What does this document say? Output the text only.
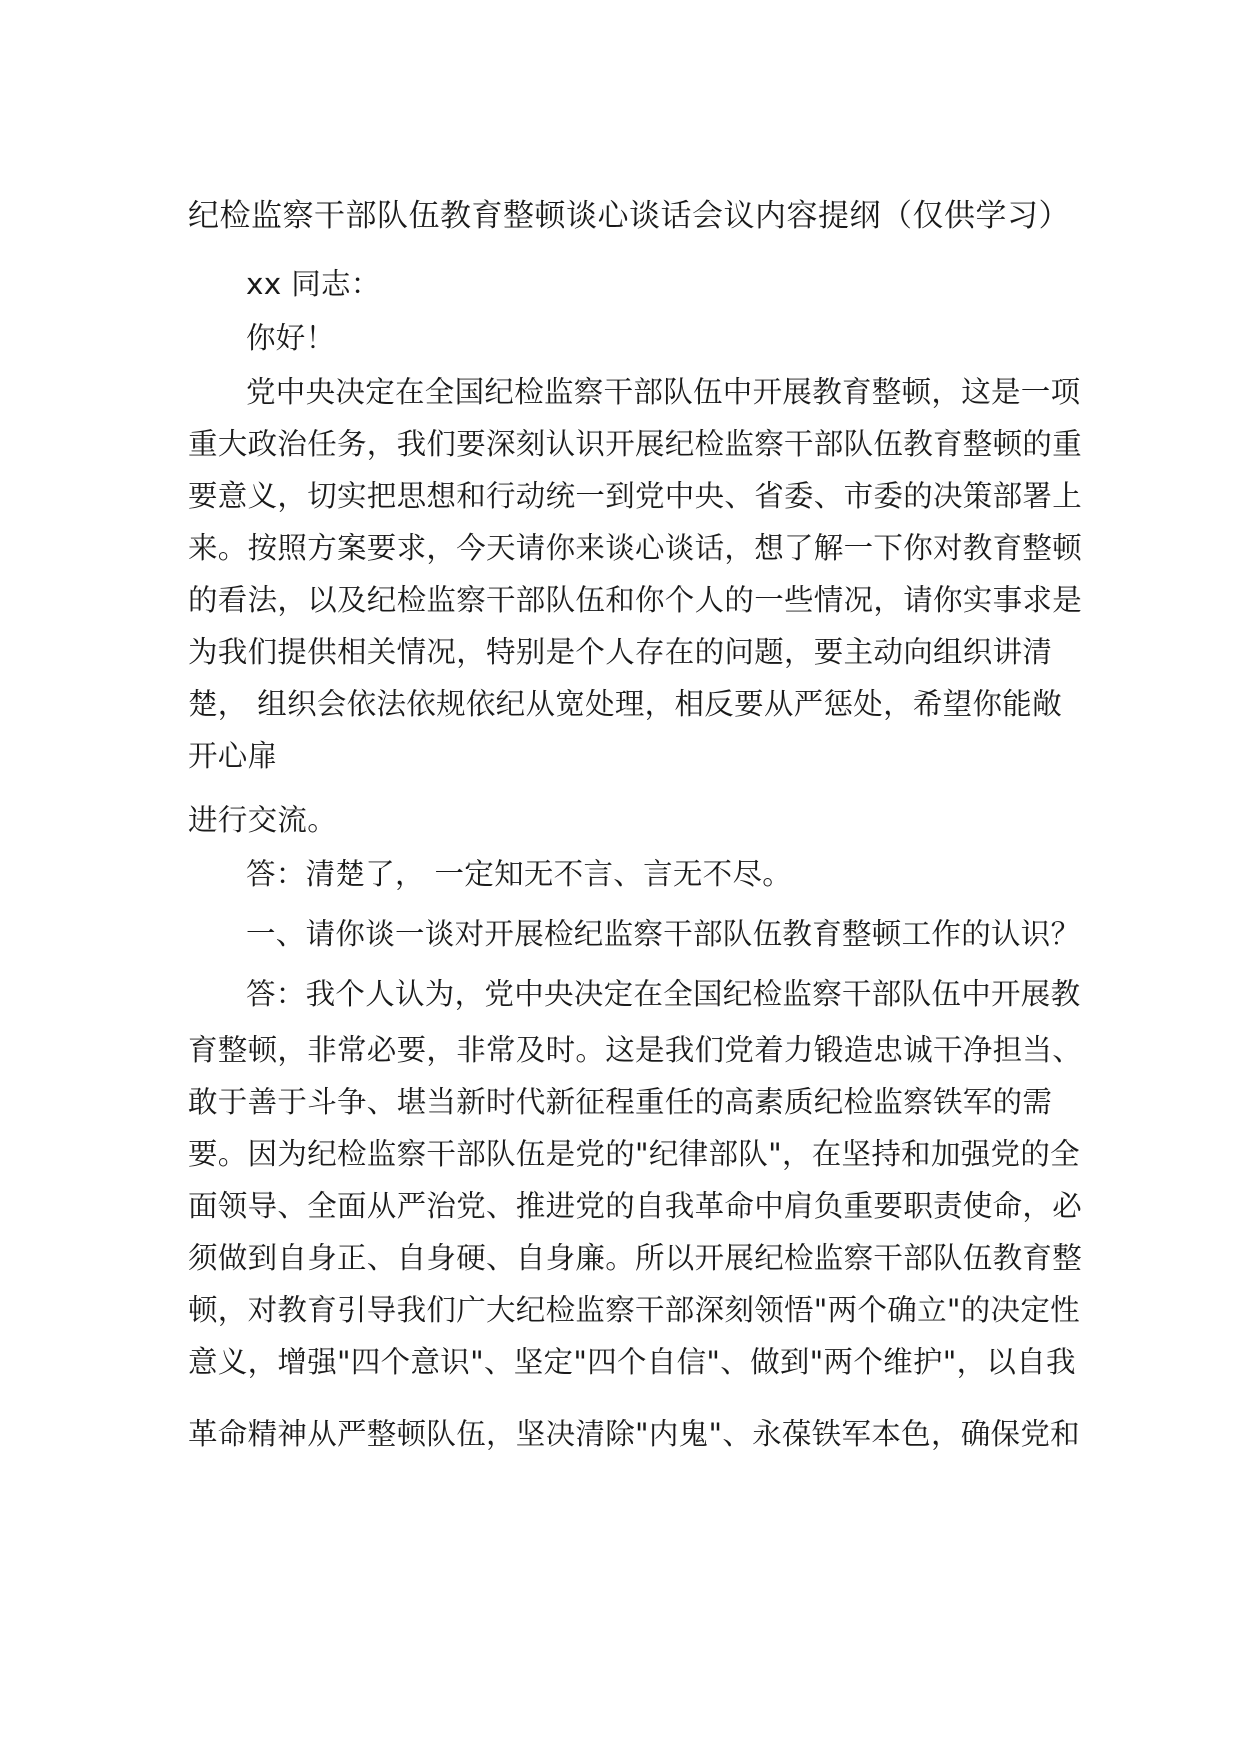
纪检监察干部队伍教育整顿谈心谈话会议内容提纲（仅供学习）
xx 同志：
你好！
党中央决定在全国纪检监察干部队伍中开展教育整顿，这是一项
重大政治任务，我们要深刻认识开展纪检监察干部队伍教育整顿的重
要意义，切实把思想和行动统一到党中央、省委、市委的决策部署上
来。按照方案要求，今天请你来谈心谈话，想了解一下你对教育整顿
的看法，以及纪检监察干部队伍和你个人的一些情况，请你实事求是
为我们提供相关情况，特别是个人存在的问题，要主动向组织讲清
楚， 组织会依法依规依纪从宽处理，相反要从严惩处，希望你能敞
开心扉
进行交流。
答：清楚了， 一定知无不言、言无不尽。
一、请你谈一谈对开展检纪监察干部队伍教育整顿工作的认识？
答：我个人认为，党中央决定在全国纪检监察干部队伍中开展教
育整顿，非常必要，非常及时。这是我们党着力锻造忠诚干净担当、
敢于善于斗争、堪当新时代新征程重任的高素质纪检监察铁军的需
要。因为纪检监察干部队伍是党的"纪律部队"，在坚持和加强党的全
面领导、全面从严治党、推进党的自我革命中肩负重要职责使命，必
须做到自身正、自身硬、自身廉。所以开展纪检监察干部队伍教育整
顿，对教育引导我们广大纪检监察干部深刻领悟"两个确立"的决定性
意义，增强"四个意识"、坚定"四个自信"、做到"两个维护"，以自我
革命精神从严整顿队伍，坚决清除"内鬼"、永葆铁军本色，确保党和
